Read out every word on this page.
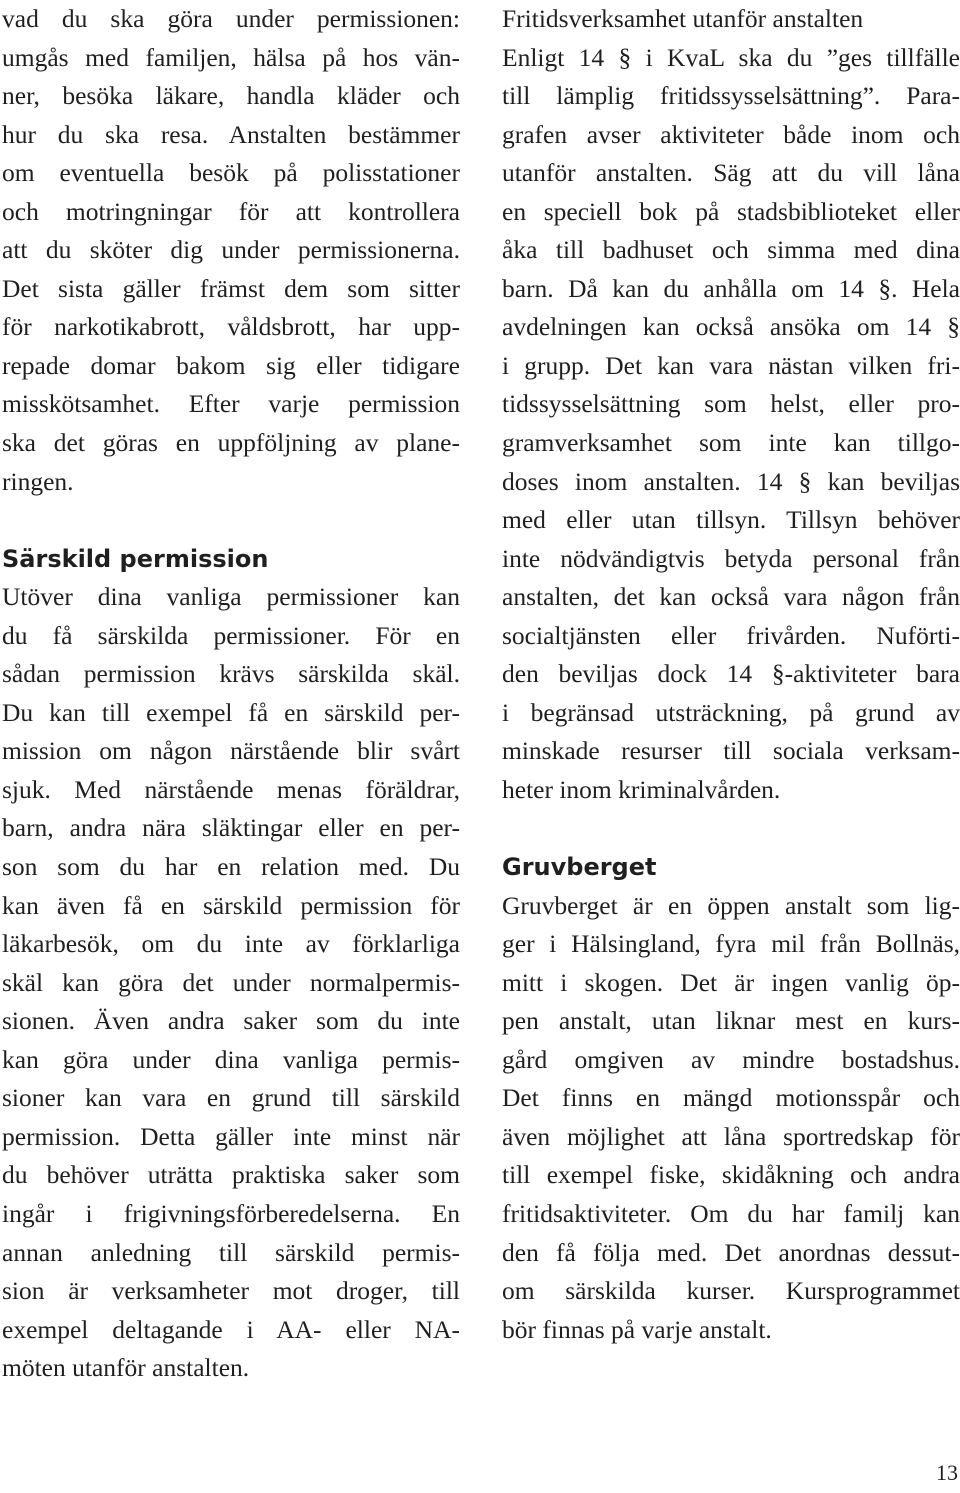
vad du ska göra under permissionen:
umgås med familjen, hälsa på hos vän-
ner, besöka läkare, handla kläder och
hur du ska resa. Anstalten bestämmer
om eventuella besök på polisstationer
och motringningar för att kontrollera
att du sköter dig under permissionerna.
Det sista gäller främst dem som sitter
för narkotikabrott, våldsbrott, har upp-
repade domar bakom sig eller tidigare
misskötsamhet. Efter varje permission
ska det göras en uppföljning av plane-
ringen.
Särskild permission
Utöver dina vanliga permissioner kan
du få särskilda permissioner. För en
sådan permission krävs särskilda skäl.
Du kan till exempel få en särskild per-
mission om någon närstående blir svårt
sjuk. Med närstående menas föräldrar,
barn, andra nära släktingar eller en per-
son som du har en relation med. Du
kan även få en särskild permission för
läkarbesök, om du inte av förklarliga
skäl kan göra det under normalpermis-
sionen. Även andra saker som du inte
kan göra under dina vanliga permis-
sioner kan vara en grund till särskild
permission. Detta gäller inte minst när
du behöver uträtta praktiska saker som
ingår i frigivningsförberedelserna. En
annan anledning till särskild permis-
sion är verksamheter mot droger, till
exempel deltagande i AA- eller NA-
möten utanför anstalten.
Fritidsverksamhet utanför anstalten
Enligt 14 § i KvaL ska du ”ges tillfälle
till lämplig fritidssysselsättning”. Para-
grafen avser aktiviteter både inom och
utanför anstalten. Säg att du vill låna
en speciell bok på stadsbiblioteket eller
åka till badhuset och simma med dina
barn. Då kan du anhålla om 14 §. Hela
avdelningen kan också ansöka om 14 §
i grupp. Det kan vara nästan vilken fri-
tidssysselsättning som helst, eller pro-
gramverksamhet som inte kan tillgo-
doses inom anstalten. 14 § kan beviljas
med eller utan tillsyn. Tillsyn behöver
inte nödvändigtvis betyda personal från
anstalten, det kan också vara någon från
socialtjänsten eller frivården. Nuförti-
den beviljas dock 14 §-aktiviteter bara
i begränsad utsträckning, på grund av
minskade resurser till sociala verksam-
heter inom kriminalvården.
Gruvberget
Gruvberget är en öppen anstalt som lig-
ger i Hälsingland, fyra mil från Bollnäs,
mitt i skogen. Det är ingen vanlig öp-
pen anstalt, utan liknar mest en kurs-
gård omgiven av mindre bostadshus.
Det finns en mängd motionsspår och
även möjlighet att låna sportredskap för
till exempel fiske, skidåkning och andra
fritidsaktiviteter. Om du har familj kan
den få följa med. Det anordnas dessut-
om särskilda kurser. Kursprogrammet
bör finnas på varje anstalt.
13
